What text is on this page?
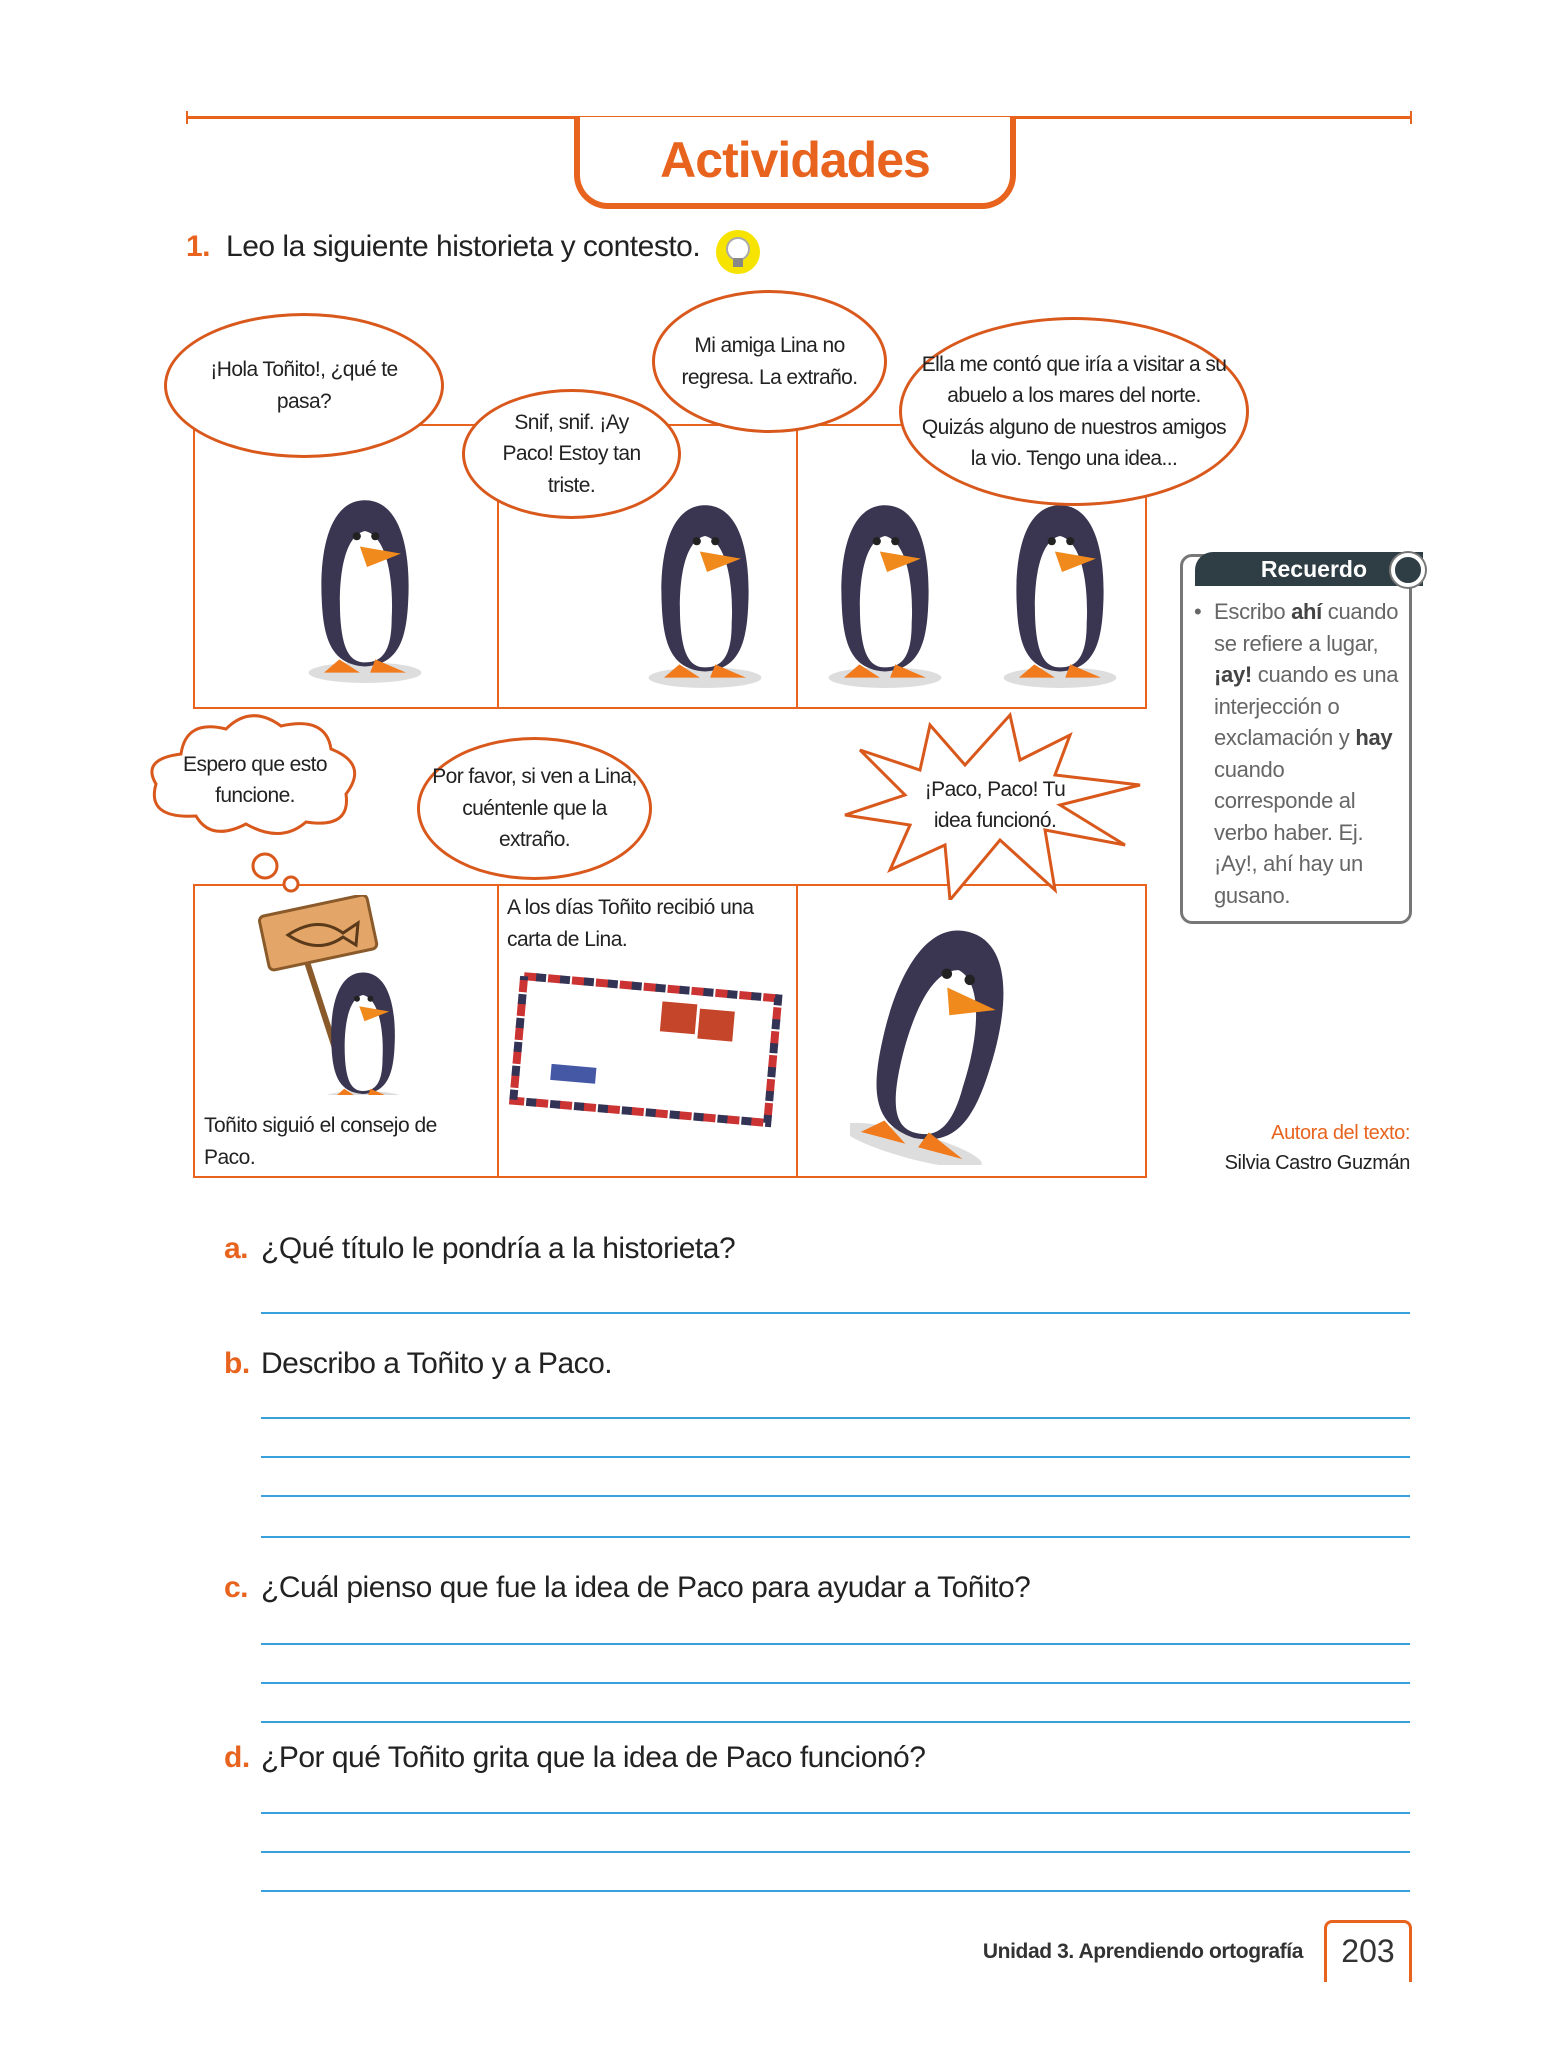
Actividades
1. Leo la siguiente historieta y contesto.
¡Hola Toñito!, ¿qué te pasa?
Snif, snif. ¡Ay Paco! Estoy tan triste.
Mi amiga Lina no regresa. La extraño.
Ella me contó que iría a visitar a su abuelo a los mares del norte. Quizás alguno de nuestros amigos la vio. Tengo una idea...
Espero que esto funcione.
Por favor, si ven a Lina, cuéntenle que la extraño.
¡Paco, Paco! Tu idea funcionó.
A los días Toñito recibió una carta de Lina.
Toñito siguió el consejo de Paco.
Recuerdo
• Escribo ahí cuando se refiere a lugar, ¡ay! cuando es una interjección o exclamación y hay cuando corresponde al verbo haber. Ej. ¡Ay!, ahí hay un gusano.
Autora del texto:
Silvia Castro Guzmán
a. ¿Qué título le pondría a la historieta?
b. Describo a Toñito y a Paco.
c. ¿Cuál pienso que fue la idea de Paco para ayudar a Toñito?
d. ¿Por qué Toñito grita que la idea de Paco funcionó?
Unidad 3. Aprendiendo ortografía	203
